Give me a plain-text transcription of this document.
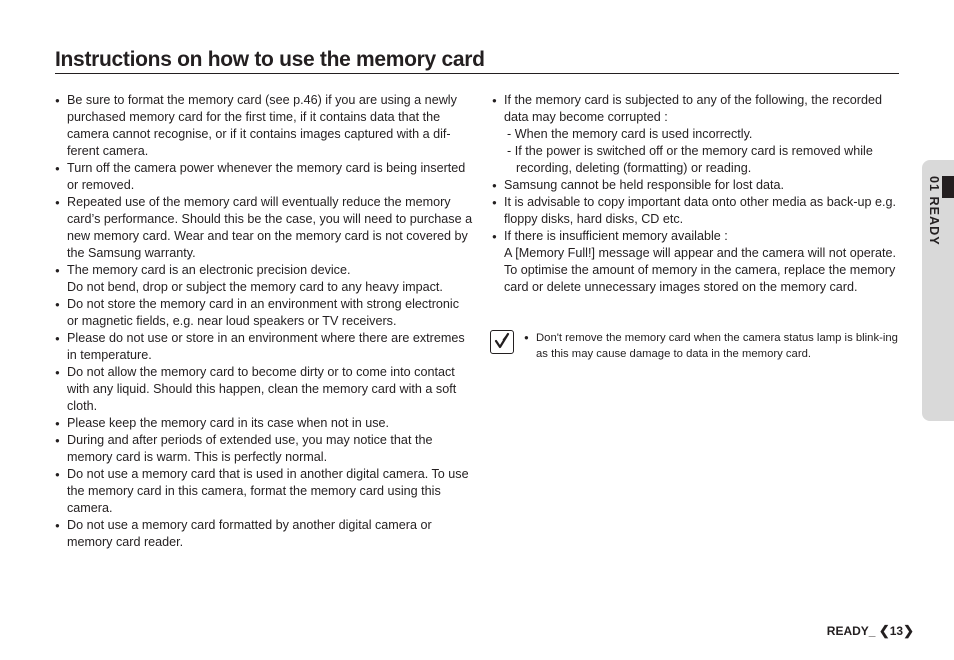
Instructions on how to use the memory card
● Be sure to format the memory card (see p.46) if you are using a newly purchased memory card for the first time, if it contains data that the camera cannot recognise, or if it contains images captured with a dif-ferent camera.
● Turn off the camera power whenever the memory card is being inserted or removed.
● Repeated use of the memory card will eventually reduce the memory card’s performance. Should this be the case, you will need to purchase a new memory card. Wear and tear on the memory card is not covered by the Samsung warranty.
● The memory card is an electronic precision device.
Do not bend, drop or subject the memory card to any heavy impact.
● Do not store the memory card in an environment with strong electronic or magnetic fields, e.g. near loud speakers or TV receivers.
● Please do not use or store in an environment where there are extremes in temperature.
● Do not allow the memory card to become dirty or to come into contact with any liquid. Should this happen, clean the memory card with a soft cloth.
● Please keep the memory card in its case when not in use.
● During and after periods of extended use, you may notice that the memory card is warm. This is perfectly normal.
● Do not use a memory card that is used in another digital camera. To use the memory card in this camera, format the memory card using this camera.
● Do not use a memory card formatted by another digital camera or memory card reader.
● If the memory card is subjected to any of the following, the recorded data may become corrupted :
- When the memory card is used incorrectly.
- If the power is switched off or the memory card is removed while recording, deleting (formatting) or reading.
● Samsung cannot be held responsible for lost data.
● It is advisable to copy important data onto other media as back-up e.g. floppy disks, hard disks, CD etc.
● If there is insufficient memory available :
A [Memory Full!] message will appear and the camera will not operate. To optimise the amount of memory in the camera, replace the memory card or delete unnecessary images stored on the memory card.
● Don't remove the memory card when the camera status lamp is blink-ing as this may cause damage to data in the memory card.
01 READY
READY_ ❮13❯
